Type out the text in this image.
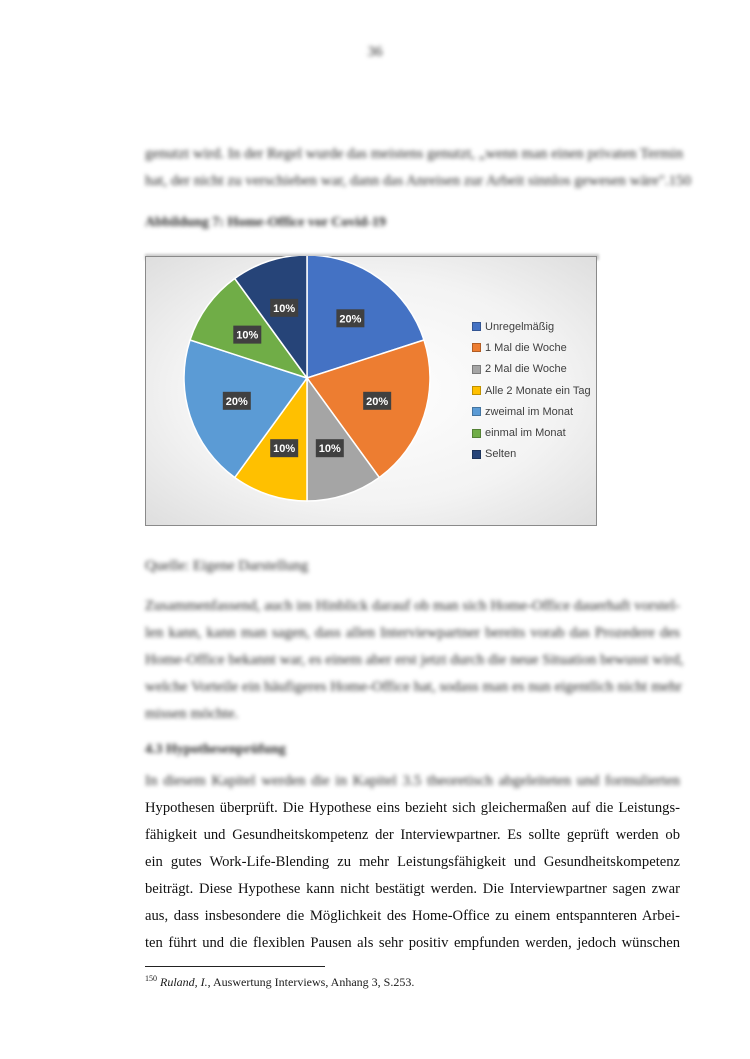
36
genutzt wird. In der Regel wurde das meistens genutzt, „wenn man einen privaten Termin
hat, der nicht zu verschieben war, dann das Anreisen zur Arbeit sinnlos gewesen wäre".150
Abbildung 7: Home-Office vor Covid-19
20%
20%
10%
10%
20%
10%
10%
Unregelmäßig
1 Mal die Woche
2 Mal die Woche
Alle 2 Monate ein Tag
zweimal im Monat
einmal im Monat
Selten
Quelle: Eigene Darstellung
Zusammenfassend, auch im Hinblick darauf ob man sich Home-Office dauerhaft vorstel-
len kann, kann man sagen, dass allen Interviewpartner bereits vorab das Prozedere des
Home-Office bekannt war, es einem aber erst jetzt durch die neue Situation bewusst wird,
welche Vorteile ein häufigeres Home-Office hat, sodass man es nun eigentlich nicht mehr
missen möchte.
4.3 Hypothesenprüfung
In diesem Kapitel werden die in Kapitel 3.5 theoretisch abgeleiteten und formulierten
Hypothesen überprüft. Die Hypothese eins bezieht sich gleichermaßen auf die Leistungs-
fähigkeit und Gesundheitskompetenz der Interviewpartner. Es sollte geprüft werden ob
ein gutes Work-Life-Blending zu mehr Leistungsfähigkeit und Gesundheitskompetenz
beiträgt. Diese Hypothese kann nicht bestätigt werden. Die Interviewpartner sagen zwar
aus, dass insbesondere die Möglichkeit des Home-Office zu einem entspannteren Arbei-
ten führt und die flexiblen Pausen als sehr positiv empfunden werden, jedoch wünschen
$^{150}$ Ruland, I., Auswertung Interviews, Anhang 3, S.253.
